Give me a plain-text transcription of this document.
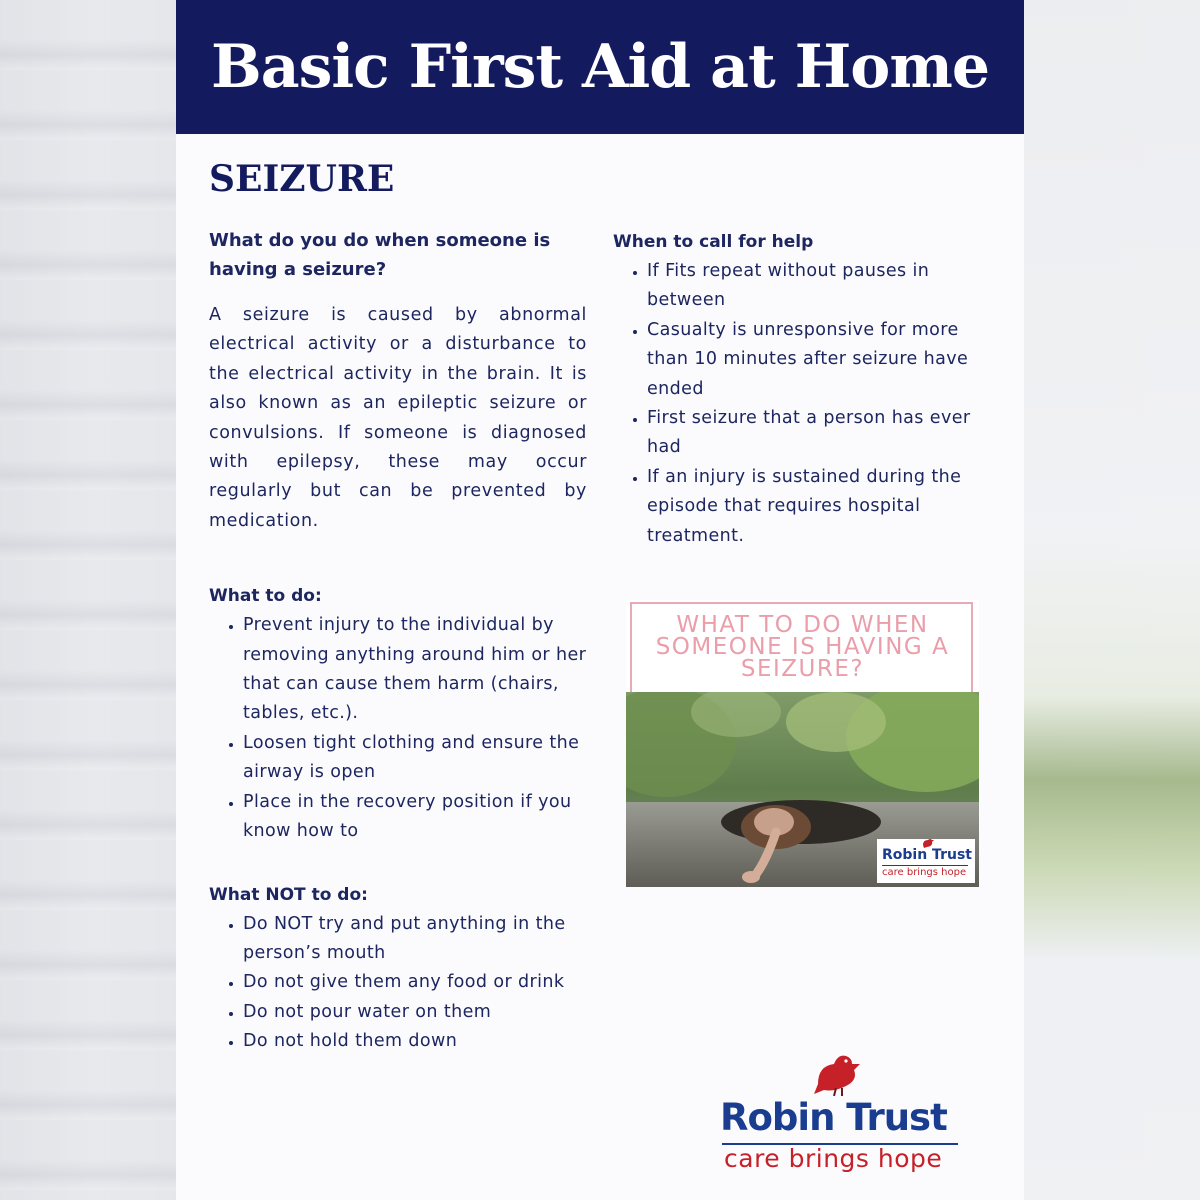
Basic First Aid at Home
SEIZURE

What do you do when someone is having a seizure?

A seizure is caused by abnormal electrical activity or a disturbance to the electrical activity in the brain. It is also known as an epileptic seizure or convulsions. If someone is diagnosed with epilepsy, these may occur regularly but can be prevented by medication.

What to do:

• Prevent injury to the individual by removing anything around him or her that can cause them harm (chairs, tables, etc.).
• Loosen tight clothing and ensure the airway is open
• Place in the recovery position if you know how to

What NOT to do:

• Do NOT try and put anything in the person’s mouth
• Do not give them any food or drink
• Do not pour water on them
• Do not hold them down

When to call for help

• If Fits repeat without pauses in between
• Casualty is unresponsive for more than 10 minutes after seizure have ended
• First seizure that a person has ever had
• If an injury is sustained during the episode that requires hospital treatment.
WHAT TO DO WHEN SOMEONE IS HAVING A SEIZURE?
Robin Trust
care brings hope
Robin Trust
care brings hope
